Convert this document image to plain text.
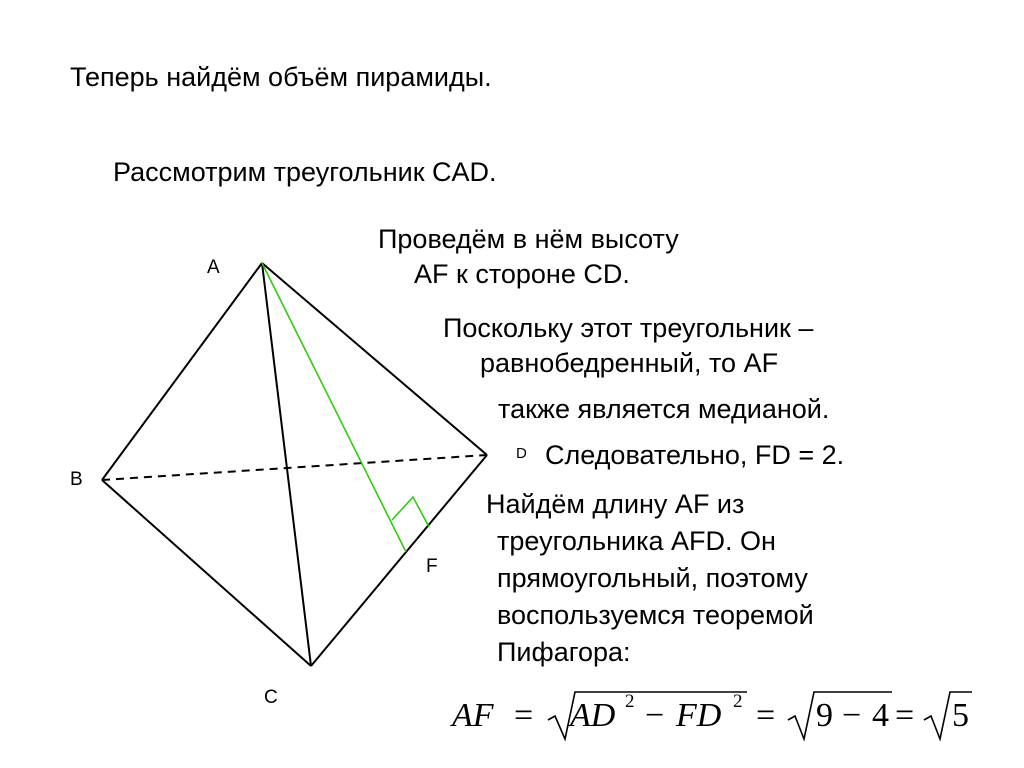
Теперь найдём объём пирамиды.
Рассмотрим треугольник CAD.
Проведём в нём высоту
AF к стороне CD.
Поскольку этот треугольник –
равнобедренный, то AF
также является медианой.
Следовательно, FD = 2.
Найдём длину AF из
треугольника AFD. Он
прямоугольный, поэтому
воспользуемся теоремой
Пифагора:
A
B
C
D
F
AF = AD 2 − FD 2 = 9 − 4 = 5
